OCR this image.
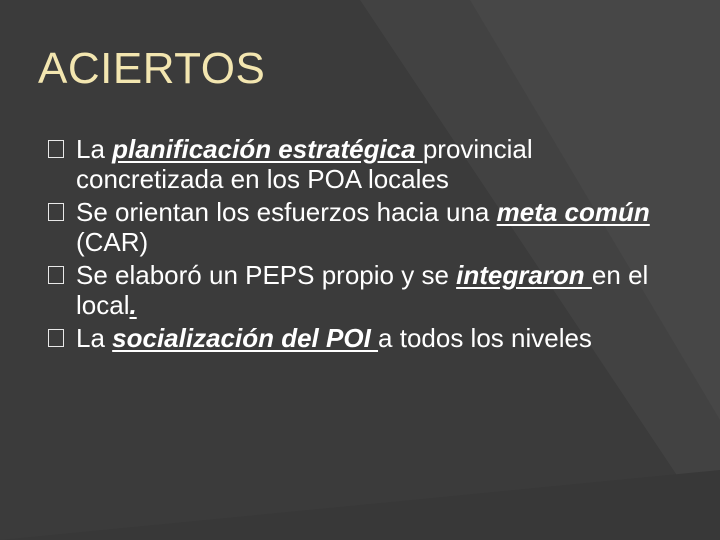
ACIERTOS
La planificación estratégica provincial concretizada en los POA locales
Se orientan los esfuerzos hacia una meta común (CAR)
Se elaboró un PEPS propio y se integraron en el local.
La socialización del POI a todos los niveles
